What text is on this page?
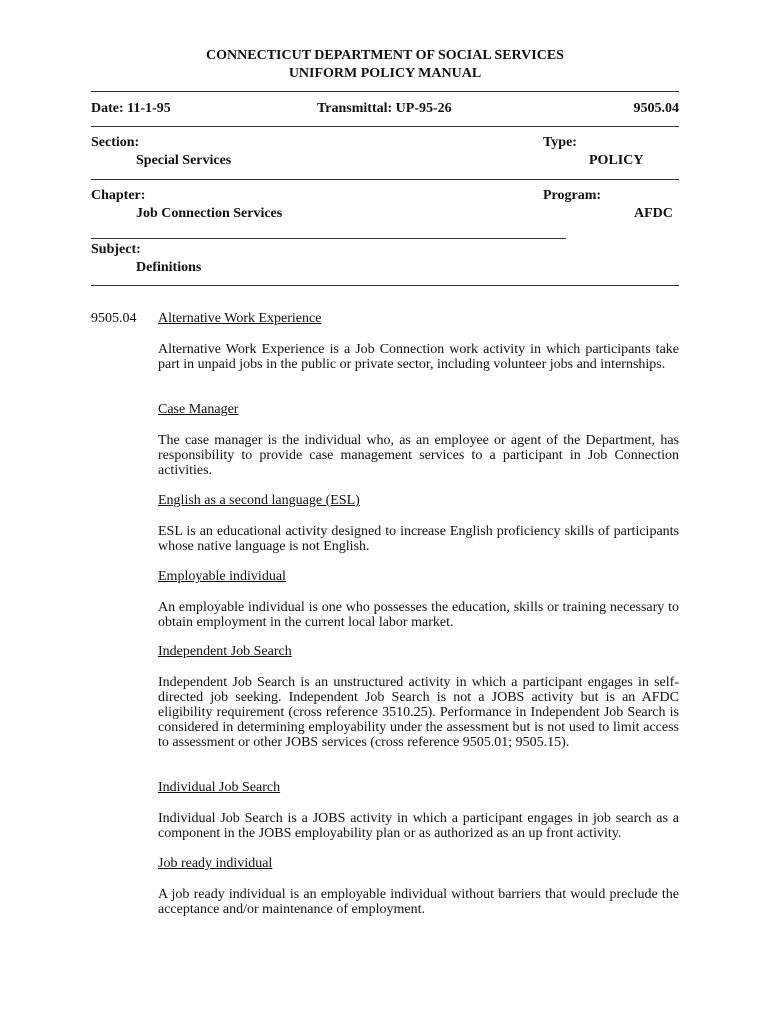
CONNECTICUT DEPARTMENT OF SOCIAL SERVICES
UNIFORM POLICY MANUAL
Date: 11-1-95	Transmittal: UP-95-26	9505.04
Section:
Special Services
Type:
POLICY
Chapter:
Job Connection Services
Program:
AFDC
Subject:
Definitions
9505.04 Alternative Work Experience
Alternative Work Experience is a Job Connection work activity in which participants take part in unpaid jobs in the public or private sector, including volunteer jobs and internships.
Case Manager
The case manager is the individual who, as an employee or agent of the Department, has responsibility to provide case management services to a participant in Job Connection activities.
English as a second language (ESL)
ESL is an educational activity designed to increase English proficiency skills of participants whose native language is not English.
Employable individual
An employable individual is one who possesses the education, skills or training necessary to obtain employment in the current local labor market.
Independent Job Search
Independent Job Search is an unstructured activity in which a participant engages in self-directed job seeking. Independent Job Search is not a JOBS activity but is an AFDC eligibility requirement (cross reference 3510.25). Performance in Independent Job Search is considered in determining employability under the assessment but is not used to limit access to assessment or other JOBS services (cross reference 9505.01; 9505.15).
Individual Job Search
Individual Job Search is a JOBS activity in which a participant engages in job search as a component in the JOBS employability plan or as authorized as an up front activity.
Job ready individual
A job ready individual is an employable individual without barriers that would preclude the acceptance and/or maintenance of employment.
